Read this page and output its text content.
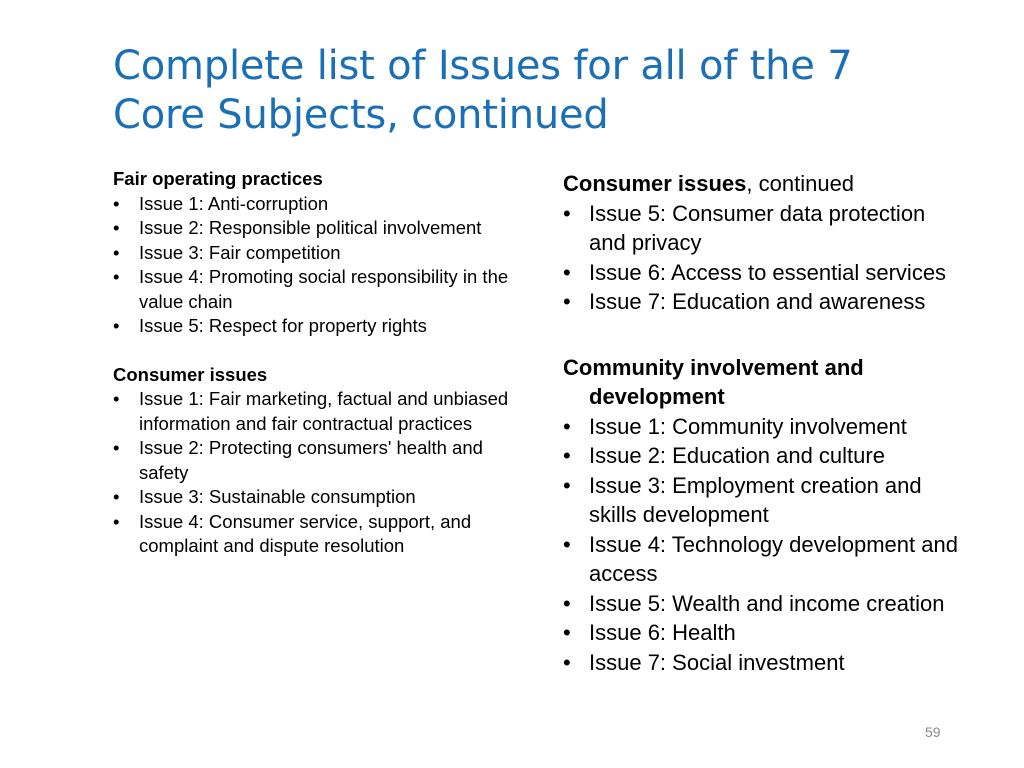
Complete list of Issues for all of the 7
Core Subjects, continued

Fair operating practices

• Issue 1: Anti-corruption
• Issue 2: Responsible political involvement
• Issue 3: Fair competition
• Issue 4: Promoting social responsibility in the value chain
• Issue 5: Respect for property rights

Consumer issues

• Issue 1: Fair marketing, factual and unbiased information and fair contractual practices
• Issue 2: Protecting consumers' health and safety
• Issue 3: Sustainable consumption
• Issue 4: Consumer service, support, and complaint and dispute resolution

Consumer issues, continued

• Issue 5: Consumer data protection and privacy
• Issue 6: Access to essential services
• Issue 7: Education and awareness

Community involvement and development

• Issue 1: Community involvement
• Issue 2: Education and culture
• Issue 3: Employment creation and skills development
• Issue 4: Technology development and access
• Issue 5: Wealth and income creation
• Issue 6: Health
• Issue 7: Social investment
59
